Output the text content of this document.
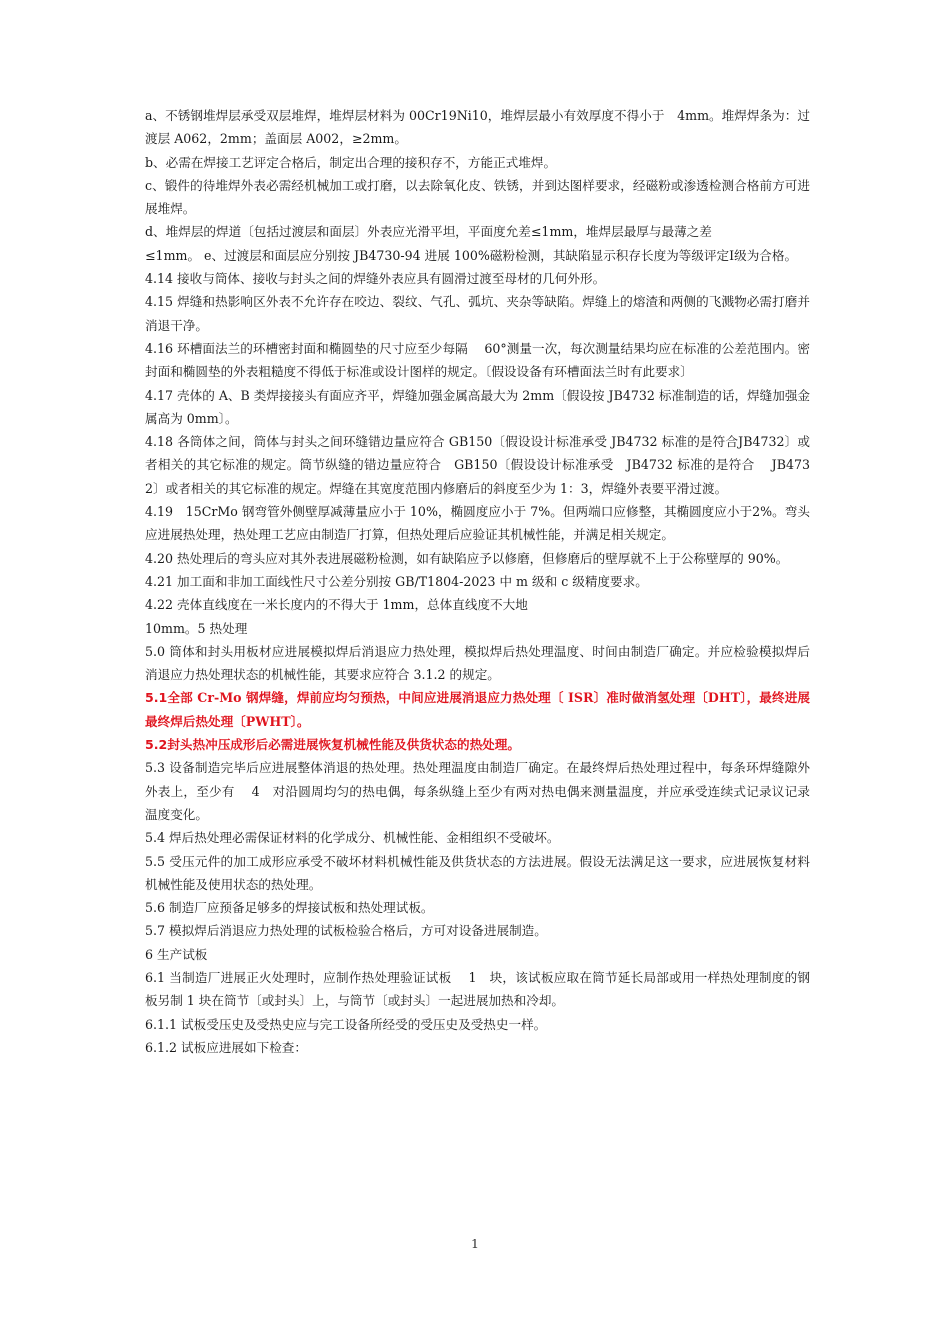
a、不锈钢堆焊层承受双层堆焊，堆焊层材料为 00Cr19Ni10，堆焊层最小有效厚度不得小于　4mm。堆焊焊条为：过渡层 A062，2mm；盖面层 A002，≥2mm。

b、必需在焊接工艺评定合格后，制定出合理的接积存不，方能正式堆焊。

c、锻件的待堆焊外表必需经机械加工或打磨，以去除氧化皮、铁锈，并到达图样要求，经磁粉或渗透检测合格前方可进展堆焊。

d、堆焊层的焊道〔包括过渡层和面层〕外表应光滑平坦，平面度允差≤1mm，堆焊层最厚与最薄之差

≤1mm。 e、过渡层和面层应分别按 JB4730-94 进展 100%磁粉检测，其缺陷显示积存长度为等级评定Ⅰ级为合格。

4.14 接收与筒体、接收与封头之间的焊缝外表应具有圆滑过渡至母材的几何外形。

4.15 焊缝和热影响区外表不允许存在咬边、裂纹、气孔、弧坑、夹杂等缺陷。焊缝上的熔渣和两侧的飞溅物必需打磨并消退干净。

4.16 环槽面法兰的环槽密封面和椭圆垫的尺寸应至少每隔　 60°测量一次，每次测量结果均应在标准的公差范围内。密封面和椭圆垫的外表粗糙度不得低于标准或设计图样的规定。〔假设设备有环槽面法兰时有此要求〕

4.17 壳体的 A、B 类焊接接头有面应齐平，焊缝加强金属高最大为 2mm〔假设按 JB4732 标准制造的话，焊缝加强金属高为 0mm〕。

4.18 各筒体之间，筒体与封头之间环缝错边量应符合 GB150〔假设设计标准承受 JB4732 标准的是符合JB4732〕或者相关的其它标准的规定。筒节纵缝的错边量应符合　GB150〔假设设计标准承受　JB4732 标准的是符合　 JB4732〕或者相关的其它标准的规定。焊缝在其宽度范围内修磨后的斜度至少为 1：3，焊缝外表要平滑过渡。

4.19　15CrMo 钢弯管外侧壁厚减薄量应小于 10%，椭圆度应小于 7%。但两端口应修整，其椭圆度应小于2%。弯头应进展热处理，热处理工艺应由制造厂打算，但热处理后应验证其机械性能，并满足相关规定。

4.20 热处理后的弯头应对其外表进展磁粉检测，如有缺陷应予以修磨，但修磨后的壁厚就不上于公称壁厚的 90%。

4.21 加工面和非加工面线性尺寸公差分别按 GB/T1804-2023 中 m 级和 c 级精度要求。

4.22 壳体直线度在一米长度内的不得大于 1mm，总体直线度不大地

10mm。5 热处理

5.0 筒体和封头用板材应进展模拟焊后消退应力热处理，模拟焊后热处理温度、时间由制造厂确定。并应检验模拟焊后消退应力热处理状态的机械性能，其要求应符合 3.1.2 的规定。

5.1全部 Cr-Mo 钢焊缝，焊前应均匀预热，中间应进展消退应力热处理〔 ISR〕准时做消氢处理〔DHT〕，最终进展最终焊后热处理〔PWHT〕。

5.2封头热冲压成形后必需进展恢复机械性能及供货状态的热处理。

5.3 设备制造完毕后应进展整体消退的热处理。热处理温度由制造厂确定。在最终焊后热处理过程中，每条环焊缝隙外外表上，至少有　 4　对沿圆周均匀的热电偶，每条纵缝上至少有两对热电偶来测量温度，并应承受连续式记录议记录温度变化。

5.4 焊后热处理必需保证材料的化学成分、机械性能、金相组织不受破坏。

5.5 受压元件的加工成形应承受不破坏材料机械性能及供货状态的方法进展。假设无法满足这一要求，应进展恢复材料机械性能及使用状态的热处理。

5.6 制造厂应预备足够多的焊接试板和热处理试板。

5.7 模拟焊后消退应力热处理的试板检验合格后，方可对设备进展制造。

6 生产试板

6.1 当制造厂进展正火处理时，应制作热处理验证试板　 1　块，该试板应取在筒节延长局部或用一样热处理制度的钢板另制 1 块在筒节〔或封头〕上，与筒节〔或封头〕一起进展加热和冷却。

6.1.1 试板受压史及受热史应与完工设备所经受的受压史及受热史一样。

6.1.2 试板应进展如下检查：

1
